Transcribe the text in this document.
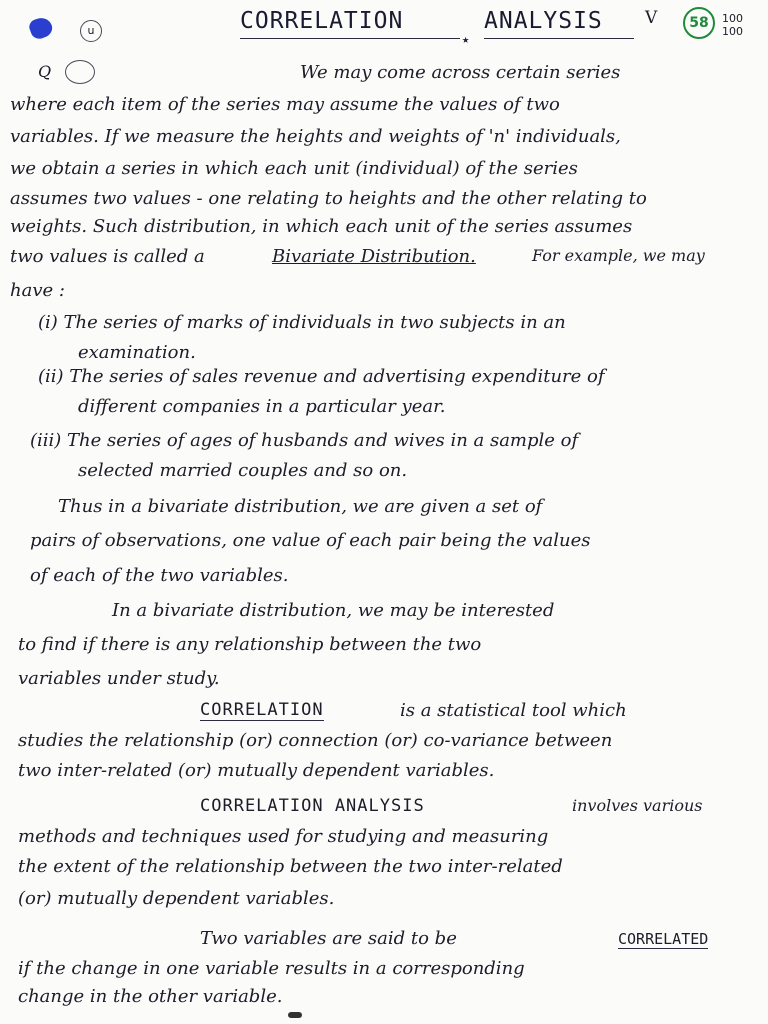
u
Q
CORRELATION
★
ANALYSIS V	58	100
100

We may come across certain series

where each item of the series may assume the values of two

variables. If we measure the heights and weights of 'n' individuals,

we obtain a series in which each unit (individual) of the series

assumes two values - one relating to heights and the other relating to

weights. Such distribution, in which each unit of the series assumes

two values is called a	Bivariate Distribution.	For example, we may

have :

(i) The series of marks of individuals in two subjects in an

examination.

(ii) The series of sales revenue and advertising expenditure of

different companies in a particular year.

(iii) The series of ages of husbands and wives in a sample of

selected married couples and so on.

Thus in a bivariate distribution, we are given a set of

pairs of observations, one value of each pair being the values

of each of the two variables.

In a bivariate distribution, we may be interested

to find if there is any relationship between the two

variables under study.

CORRELATION	is a statistical tool which

studies the relationship (or) connection (or) co-variance between

two inter-related (or) mutually dependent variables.

CORRELATION ANALYSIS	involves various

methods and techniques used for studying and measuring

the extent of the relationship between the two inter-related

(or) mutually dependent variables.

Two variables are said to be	CORRELATED

if the change in one variable results in a corresponding

change in the other variable.
